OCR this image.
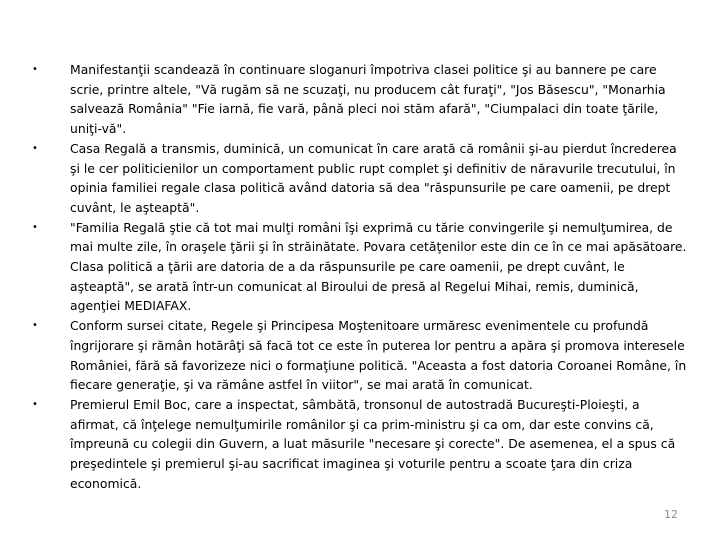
•	Manifestanţii scandează în continuare sloganuri împotriva clasei politice şi au bannere pe care scrie, printre altele, "Vă rugăm să ne scuzaţi, nu producem cât furaţi", "Jos Băsescu", "Monarhia salvează România" "Fie iarnă, fie vară, până pleci noi stăm afară", "Ciumpalaci din toate ţările, uniţi-vă".
•	Casa Regală a transmis, duminică, un comunicat în care arată că românii şi-au pierdut încrederea şi le cer politicienilor un comportament public rupt complet şi definitiv de năravurile trecutului, în opinia familiei regale clasa politică având datoria să dea "răspunsurile pe care oamenii, pe drept cuvânt, le aşteaptă".
•	"Familia Regală ştie că tot mai mulţi români îşi exprimă cu tărie convingerile şi nemulţumirea, de mai multe zile, în oraşele ţării şi în străinătate. Povara cetăţenilor este din ce în ce mai apăsătoare. Clasa politică a ţării are datoria de a da răspunsurile pe care oamenii, pe drept cuvânt, le aşteaptă", se arată într-un comunicat al Biroului de presă al Regelui Mihai, remis, duminică, agenţiei MEDIAFAX.
•	Conform sursei citate, Regele şi Principesa Moştenitoare urmăresc evenimentele cu profundă îngrijorare şi rămân hotărâţi să facă tot ce este în puterea lor pentru a apăra şi promova interesele României, fără să favorizeze nici o formaţiune politică. "Aceasta a fost datoria Coroanei Române, în fiecare generaţie, şi va rămâne astfel în viitor", se mai arată în comunicat.
•	Premierul Emil Boc, care a inspectat, sâmbătă, tronsonul de autostradă Bucureşti-Ploieşti, a afirmat, că înţelege nemulţumirile românilor şi ca prim-ministru şi ca om, dar este convins că, împreună cu colegii din Guvern, a luat măsurile "necesare şi corecte". De asemenea, el a spus că preşedintele şi premierul şi-au sacrificat imaginea şi voturile pentru a scoate ţara din criza economică.
12
